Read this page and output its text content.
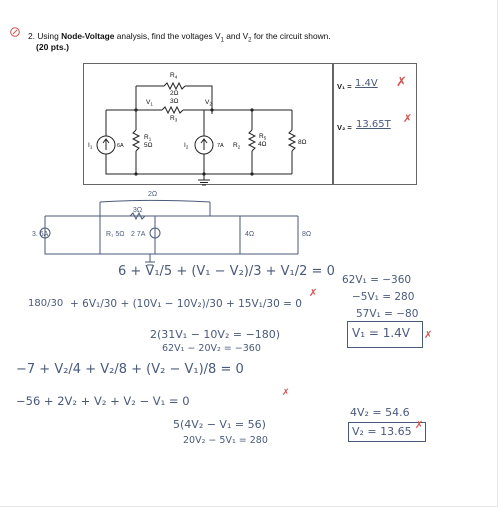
2. Using Node-Voltage analysis, find the voltages $V_1$ and $V_2$ for the circuit shown.
(20 pts.)
$R_4$
2Ω
3Ω
$R_3$
$V_1$	$V_2$
$I_1$	6A
$R_1$
5Ω	$I_2$	7A $R_2$	4Ω
$R_5$
8Ω
V₁ = 1.4V ✗
V₂ = 13.65T ✗
2Ω
3Ω
3. 6A	R₁ 5Ω 2 7A	4Ω	8Ω
6 + V₁/5 + (V₁ − V₂)/3 + V₁/2 = 0
180/30 + 6V₁/30 + (10V₁ − 10V₂)/30 + 15V₁/30 = 0
✗
2(31V₁ − 10V₂ = −180)
62V₁ − 20V₂ = −360
−7 + V₂/4 + V₂/8 + (V₂ − V₁)/8 = 0
−56 + 2V₂ + V₂ + V₂ − V₁ = 0
✗
5(4V₂ − V₁ = 56)
20V₂ − 5V₁ = 280
62V₁ = −360
−5V₁ = 280
57V₁ = −80
V₁ = 1.4V ✗
4V₂ = 54.6
V₂ = 13.65 ✗
